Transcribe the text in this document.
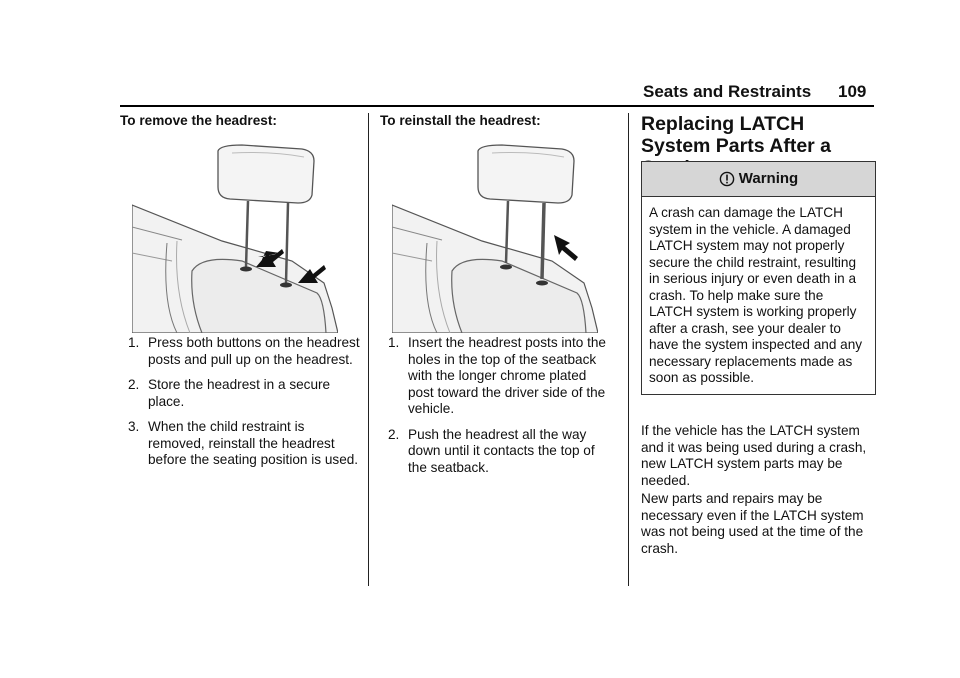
Seats and Restraints 109

To remove the headrest:

1. Press both buttons on the headrest posts and pull up on the headrest.
2. Store the headrest in a secure place.
3. When the child restraint is removed, reinstall the headrest before the seating position is used.

To reinstall the headrest:

1. Insert the headrest posts into the holes in the top of the seatback with the longer chrome plated post toward the driver side of the vehicle.
2. Push the headrest all the way down until it contacts the top of the seatback.
Replacing LATCH System Parts After a
Warning
A crash can damage the LATCH system in the vehicle. A damaged LATCH system may not properly secure the child restraint, resulting in serious injury or even death in a crash. To help make sure the LATCH system is working properly after a crash, see your dealer to have the system inspected and any necessary replacements made as soon as possible.

If the vehicle has the LATCH system and it was being used during a crash, new LATCH system parts may be needed.

New parts and repairs may be necessary even if the LATCH system was not being used at the time of the crash.
